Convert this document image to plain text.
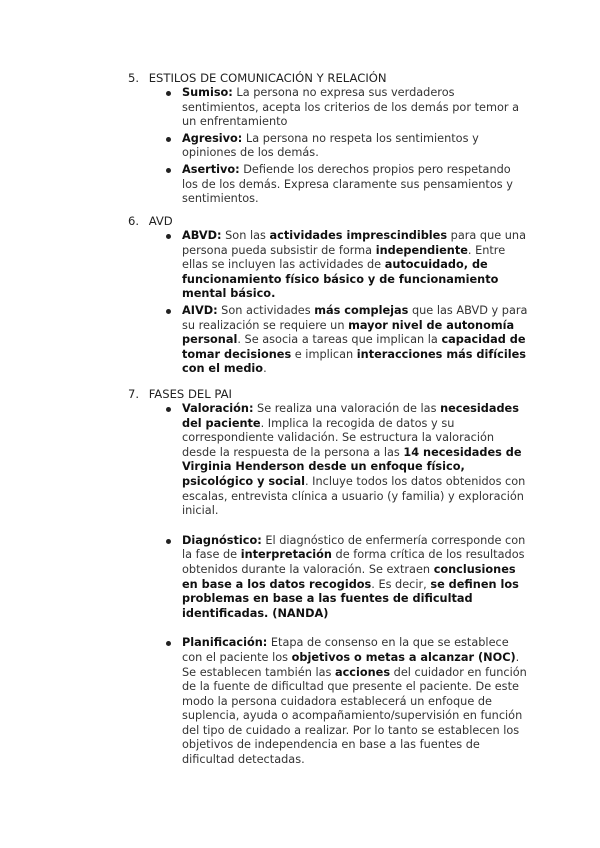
5. ESTILOS DE COMUNICACIÓN Y RELACIÓN

Sumiso: La persona no expresa sus verdaderos sentimientos, acepta los criterios de los demás por temor a un enfrentamiento
Agresivo: La persona no respeta los sentimientos y opiniones de los demás.
Asertivo: Defiende los derechos propios pero respetando los de los demás. Expresa claramente sus pensamientos y sentimientos.

6. AVD

ABVD: Son las actividades imprescindibles para que una persona pueda subsistir de forma independiente. Entre ellas se incluyen las actividades de autocuidado, de funcionamiento físico básico y de funcionamiento mental básico.
AIVD: Son actividades más complejas que las ABVD y para su realización se requiere un mayor nivel de autonomía personal. Se asocia a tareas que implican la capacidad de tomar decisiones e implican interacciones más difíciles con el medio.

7. FASES DEL PAI

Valoración: Se realiza una valoración de las necesidades del paciente. Implica la recogida de datos y su correspondiente validación. Se estructura la valoración desde la respuesta de la persona a las 14 necesidades de Virginia Henderson desde un enfoque físico, psicológico y social. Incluye todos los datos obtenidos con escalas, entrevista clínica a usuario (y familia) y exploración inicial.
Diagnóstico: El diagnóstico de enfermería corresponde con la fase de interpretación de forma crítica de los resultados obtenidos durante la valoración. Se extraen conclusiones en base a los datos recogidos. Es decir, se definen los problemas en base a las fuentes de dificultad identificadas. (NANDA)
Planificación: Etapa de consenso en la que se establece con el paciente los objetivos o metas a alcanzar (NOC). Se establecen también las acciones del cuidador en función de la fuente de dificultad que presente el paciente. De este modo la persona cuidadora establecerá un enfoque de suplencia, ayuda o acompañamiento/supervisión en función del tipo de cuidado a realizar. Por lo tanto se establecen los objetivos de independencia en base a las fuentes de dificultad detectadas.
